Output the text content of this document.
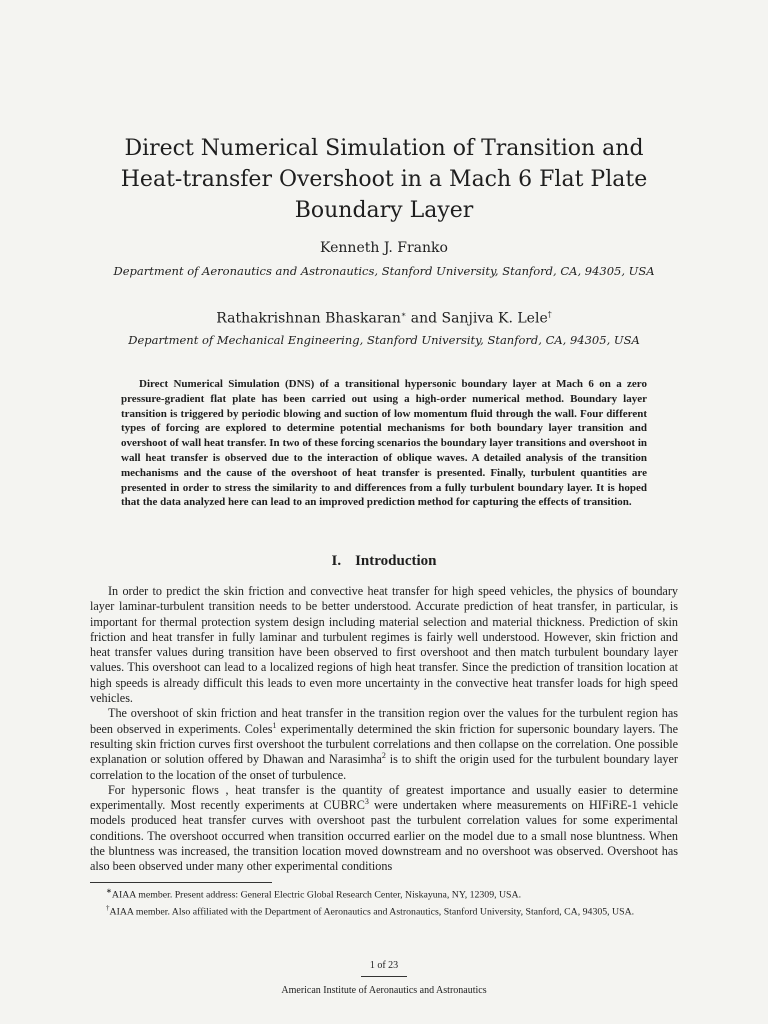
Direct Numerical Simulation of Transition and
Heat-transfer Overshoot in a Mach 6 Flat Plate
Boundary Layer
Kenneth J. Franko
Department of Aeronautics and Astronautics, Stanford University, Stanford, CA, 94305, USA
Rathakrishnan Bhaskaran∗ and Sanjiva K. Lele†
Department of Mechanical Engineering, Stanford University, Stanford, CA, 94305, USA

Direct Numerical Simulation (DNS) of a transitional hypersonic boundary layer at Mach 6 on a zero pressure-gradient flat plate has been carried out using a high-order numerical method. Boundary layer transition is triggered by periodic blowing and suction of low momentum fluid through the wall. Four different types of forcing are explored to determine potential mechanisms for both boundary layer transition and overshoot of wall heat transfer. In two of these forcing scenarios the boundary layer transitions and overshoot in wall heat transfer is observed due to the interaction of oblique waves. A detailed analysis of the transition mechanisms and the cause of the overshoot of heat transfer is presented. Finally, turbulent quantities are presented in order to stress the similarity to and differences from a fully turbulent boundary layer. It is hoped that the data analyzed here can lead to an improved prediction method for capturing the effects of transition.

I. Introduction

In order to predict the skin friction and convective heat transfer for high speed vehicles, the physics of boundary layer laminar-turbulent transition needs to be better understood. Accurate prediction of heat transfer, in particular, is important for thermal protection system design including material selection and material thickness. Prediction of skin friction and heat transfer in fully laminar and turbulent regimes is fairly well understood. However, skin friction and heat transfer values during transition have been observed to first overshoot and then match turbulent boundary layer values. This overshoot can lead to a localized regions of high heat transfer. Since the prediction of transition location at high speeds is already difficult this leads to even more uncertainty in the convective heat transfer loads for high speed vehicles.

The overshoot of skin friction and heat transfer in the transition region over the values for the turbulent region has been observed in experiments. Coles$^1$ experimentally determined the skin friction for supersonic boundary layers. The resulting skin friction curves first overshoot the turbulent correlations and then collapse on the correlation. One possible explanation or solution offered by Dhawan and Narasimha$^2$ is to shift the origin used for the turbulent boundary layer correlation to the location of the onset of turbulence.

For hypersonic flows , heat transfer is the quantity of greatest importance and usually easier to determine experimentally. Most recently experiments at CUBRC$^3$ were undertaken where measurements on HIFiRE-1 vehicle models produced heat transfer curves with overshoot past the turbulent correlation values for some experimental conditions. The overshoot occurred when transition occurred earlier on the model due to a small nose bluntness. When the bluntness was increased, the transition location moved downstream and no overshoot was observed. Overshoot has also been observed under many other experimental conditions

∗AIAA member. Present address: General Electric Global Research Center, Niskayuna, NY, 12309, USA.

†AIAA member. Also affiliated with the Department of Aeronautics and Astronautics, Stanford University, Stanford, CA, 94305, USA.

1 of 23
American Institute of Aeronautics and Astronautics
